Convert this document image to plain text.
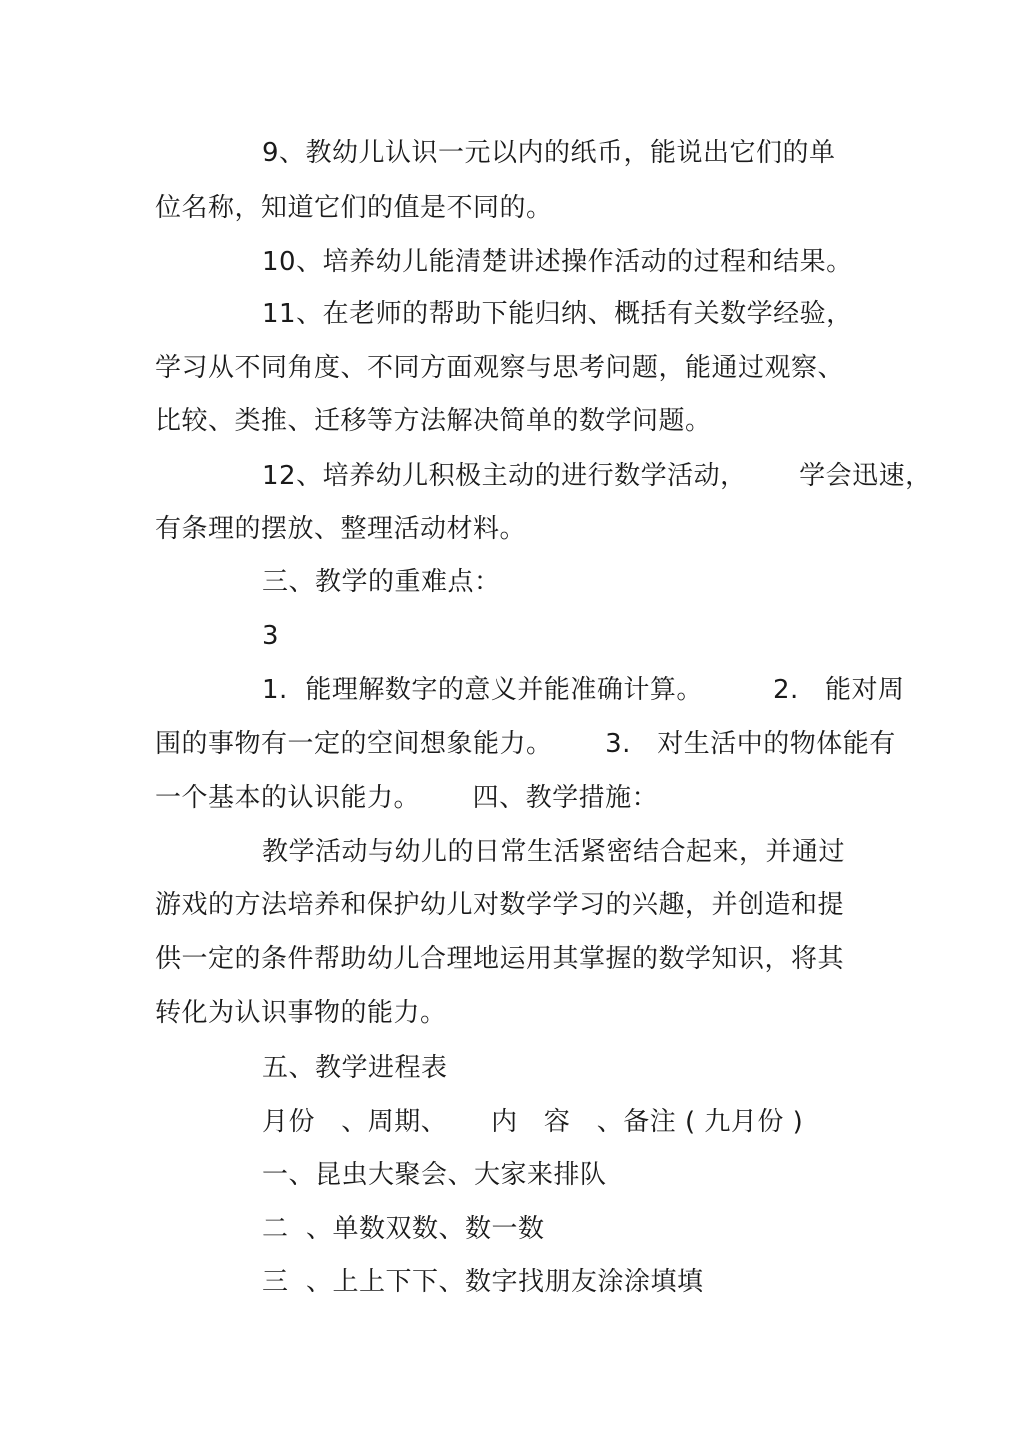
9、教幼儿认识一元以内的纸币，能说出它们的单
位名称，知道它们的值是不同的。
10、培养幼儿能清楚讲述操作活动的过程和结果。
11、在老师的帮助下能归纳、概括有关数学经验，
学习从不同角度、不同方面观察与思考问题，能通过观察、
比较、类推、迁移等方法解决简单的数学问题。
12、培养幼儿积极主动的进行数学活动，      学会迅速，
有条理的摆放、整理活动材料。
三、教学的重难点：
3
1.  能理解数字的意义并能准确计算。        2.   能对周
围的事物有一定的空间想象能力。      3.   对生活中的物体能有
一个基本的认识能力。      四、教学措施：
教学活动与幼儿的日常生活紧密结合起来，并通过
游戏的方法培养和保护幼儿对数学学习的兴趣，并创造和提
供一定的条件帮助幼儿合理地运用其掌握的数学知识，将其
转化为认识事物的能力。
五、教学进程表
月份   、周期、     内   容   、备注 ( 九月份 )
一、昆虫大聚会、大家来排队
二  、单数双数、数一数
三  、上上下下、数字找朋友涂涂填填
